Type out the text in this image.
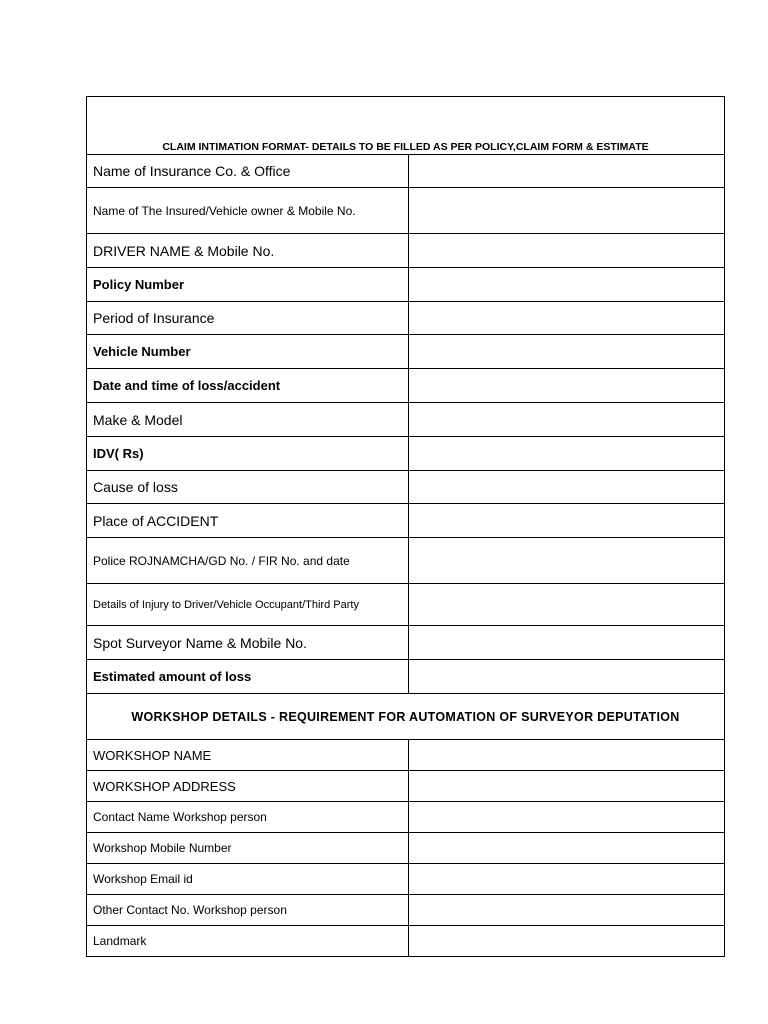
CLAIM INTIMATION FORMAT- DETAILS TO BE FILLED AS PER POLICY,CLAIM FORM & ESTIMATE
Name of Insurance Co. & Office
Name of The Insured/Vehicle owner & Mobile No.
DRIVER NAME & Mobile No.
Policy Number
Period of Insurance
Vehicle Number
Date and time of loss/accident
Make & Model
IDV( Rs)
Cause of loss
Place of ACCIDENT
Police ROJNAMCHA/GD No. / FIR No. and date
Details of Injury to Driver/Vehicle Occupant/Third Party
Spot Surveyor Name & Mobile No.
Estimated amount of loss
WORKSHOP DETAILS - REQUIREMENT FOR AUTOMATION OF SURVEYOR DEPUTATION
WORKSHOP NAME
WORKSHOP ADDRESS
Contact Name Workshop person
Workshop Mobile Number
Workshop Email id
Other Contact No. Workshop person
Landmark
